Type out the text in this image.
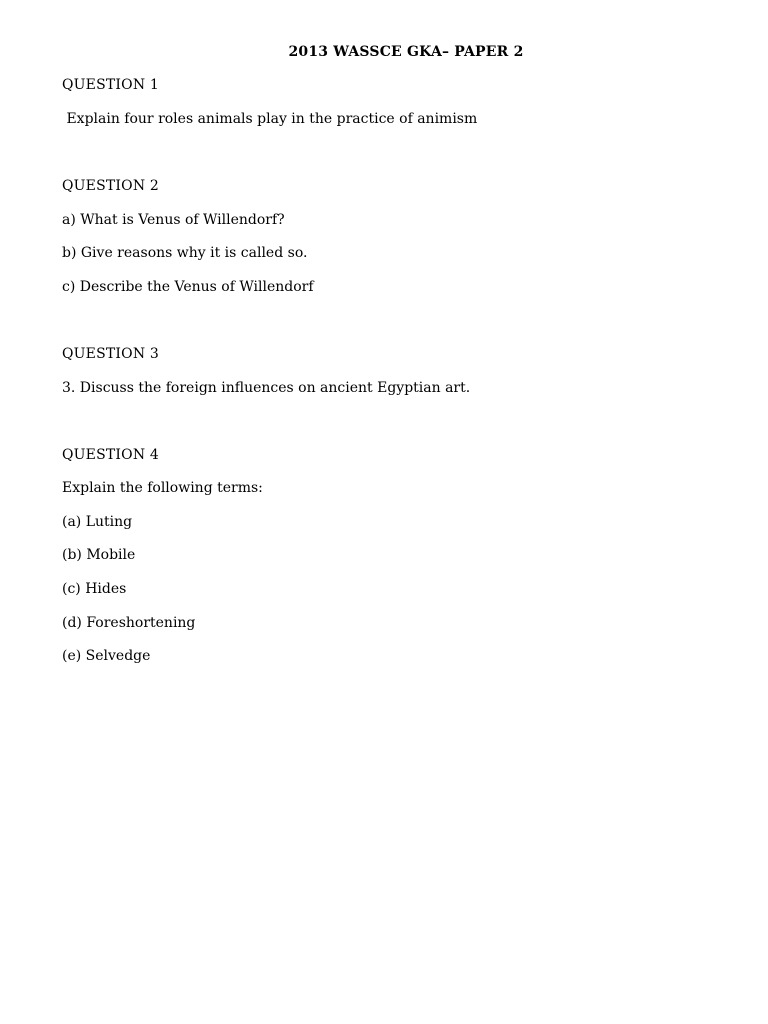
2013 WASSCE GKA– PAPER 2
QUESTION 1
Explain four roles animals play in the practice of animism
QUESTION 2
a) What is Venus of Willendorf?
b) Give reasons why it is called so.
c) Describe the Venus of Willendorf
QUESTION 3
3. Discuss the foreign influences on ancient Egyptian art.
QUESTION 4
Explain the following terms:
(a) Luting
(b) Mobile
(c) Hides
(d) Foreshortening
(e) Selvedge
